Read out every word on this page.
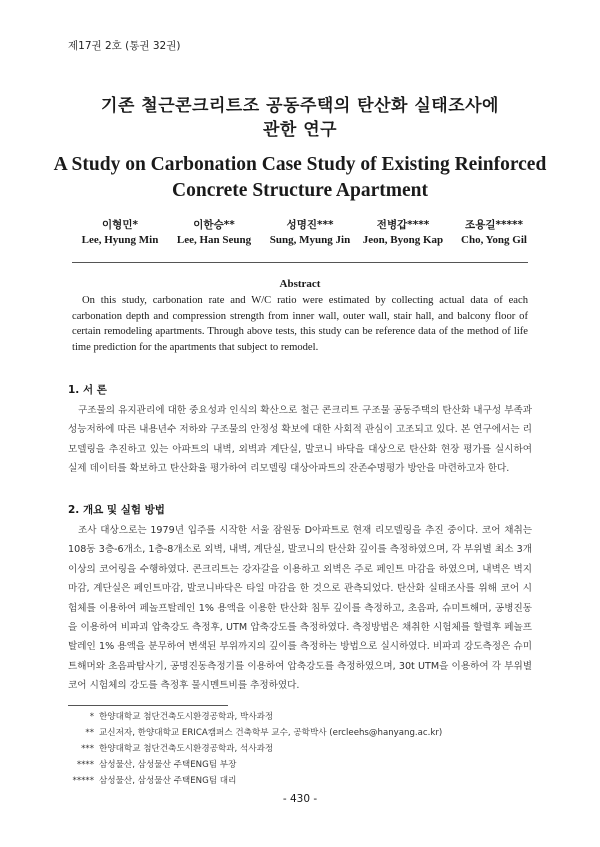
제17권 2호 (통권 32권)
기존 철근콘크리트조 공동주택의 탄산화 실태조사에
관한 연구
A Study on Carbonation Case Study of Existing Reinforced
Concrete Structure Apartment
이형민*
Lee, Hyung Min
이한승**
Lee, Han Seung
성명진***
Sung, Myung Jin
전병갑****
Jeon, Byong Kap
조용길*****
Cho, Yong Gil
Abstract

On this study, carbonation rate and W/C ratio were estimated by collecting actual data of each carbonation depth and compression strength from inner wall, outer wall, stair hall, and balcony floor of certain remodeling apartments. Through above tests, this study can be reference data of the method of life time prediction for the apartments that subject to remodel.

1. 서 론

구조물의 유지관리에 대한 중요성과 인식의 확산으로 철근 콘크리트 구조물 공동주택의 탄산화 내구성 부족과 성능저하에 따른 내용년수 저하와 구조물의 안정성 확보에 대한 사회적 관심이 고조되고 있다. 본 연구에서는 리모델링을 추진하고 있는 아파트의 내벽, 외벽과 계단실, 발코니 바닥을 대상으로 탄산화 현장 평가를 실시하여 실제 데이터를 확보하고 탄산화율 평가하여 리모델링 대상아파트의 잔존수명평가 방안을 마련하고자 한다.

2. 개요 및 실험 방법

조사 대상으로는 1979년 입주를 시작한 서울 잠원동 D아파트로 현재 리모델링을 추진 중이다. 코어 채취는 108동 3층-6개소, 1층-8개소로 외벽, 내벽, 계단실, 발코니의 탄산화 깊이를 측정하였으며, 각 부위별 최소 3개 이상의 코어링을 수행하였다. 콘크리트는 강자갈을 이용하고 외벽은 주로 페인트 마감을 하였으며, 내벽은 벽지마감, 계단실은 페인트마감, 발코니바닥은 타일 마감을 한 것으로 관측되었다. 탄산화 실태조사를 위해 코어 시험체를 이용하여 페놀프탈레인 1% 용액을 이용한 탄산화 침투 깊이를 측정하고, 초음파, 슈미트해머, 공병진동을 이용하여 비파괴 압축강도 측정후, UTM 압축강도를 측정하였다. 측정방법은 채취한 시험체를 할렬후 페놀프탈레인 1% 용액을 분무하여 변색된 부위까지의 깊이를 측정하는 방법으로 실시하였다. 비파괴 강도측정은 슈미트해머와 초음파탐사기, 공명진동측정기를 이용하여 압축강도를 측정하였으며, 30t UTM을 이용하여 각 부위별 코어 시험체의 강도를 측정후 물시멘트비를 추정하였다.

* 한양대학교 첨단건축도시환경공학과, 박사과정
** 교신저자, 한양대학교 ERICA캠퍼스 건축학부 교수, 공학박사 (ercleehs@hanyang.ac.kr)
*** 한양대학교 첨단건축도시환경공학과, 석사과정
**** 삼성물산, 삼성물산 주택ENG팀 부장
***** 삼성물산, 삼성물산 주택ENG팀 대리
- 430 -
